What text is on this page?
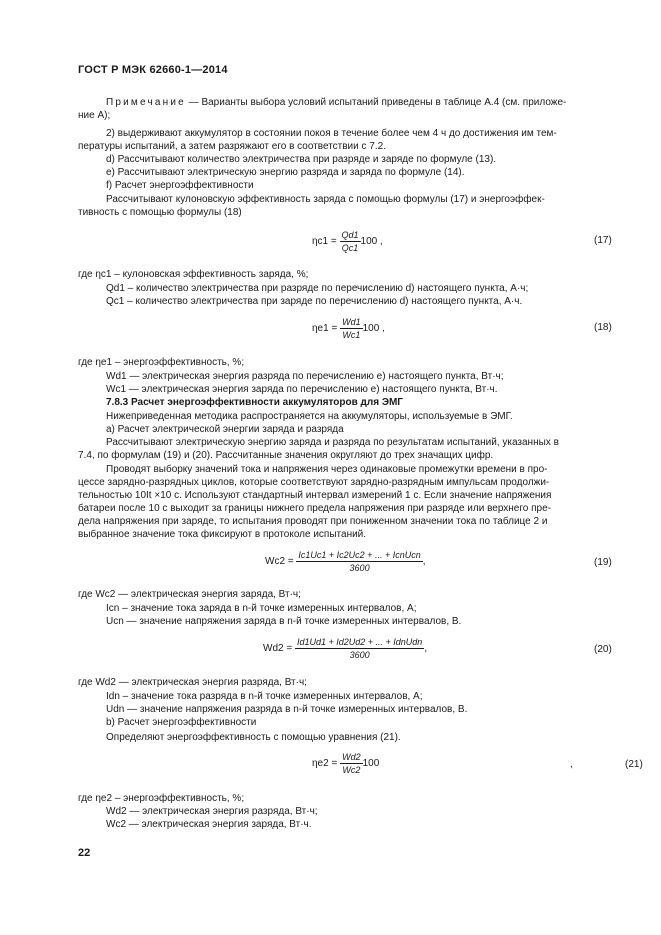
ГОСТ Р МЭК 62660-1—2014
Примечание — Варианты выбора условий испытаний приведены в таблице А.4 (см. приложе-
ние А);
2) выдерживают аккумулятор в состоянии покоя в течение более чем 4 ч до достижения им тем-
пературы испытаний, а затем разряжают его в соответствии с 7.2.
d) Рассчитывают количество электричества при разряде и заряде по формуле (13).
e) Рассчитывают электрическую энергию разряда и заряда по формуле (14).
f) Расчет энергоэффективности
Рассчитывают кулоновскую эффективность заряда с помощью формулы (17) и энергоэффек-
тивность с помощью формулы (18)
$\eta c1 = \frac{Qd1}{Qc1} 100$ ,	(17)
где ηc1 – кулоновская эффективность заряда, %;
Qd1 – количество электричества при разряде по перечислению d) настоящего пункта, А·ч;
Qc1 – количество электричества при заряде по перечислению d) настоящего пункта, А·ч.
$\eta e1 = \frac{Wd1}{Wc1} 100$ ,	(18)
где ηe1 – энергоэффективность, %;
Wd1 — электрическая энергия разряда по перечислению e) настоящего пункта, Вт·ч;
Wc1 — электрическая энергия заряда по перечислению e) настоящего пункта, Вт·ч.
7.8.3 Расчет энергоэффективности аккумуляторов для ЭМГ
Нижеприведенная методика распространяется на аккумуляторы, используемые в ЭМГ.
а) Расчет электрической энергии заряда и разряда
Рассчитывают электрическую энергию заряда и разряда по результатам испытаний, указанных в
7.4, по формулам (19) и (20). Рассчитанные значения округляют до трех значащих цифр.
Проводят выборку значений тока и напряжения через одинаковые промежутки времени в про-
цессе зарядно-разрядных циклов, которые соответствуют зарядно-разрядным импульсам продолжи-
тельностью 10It ×10 с. Используют стандартный интервал измерений 1 с. Если значение напряжения
батареи после 10 с выходит за границы нижнего предела напряжения при разряде или верхнего пре-
дела напряжения при заряде, то испытания проводят при пониженном значении тока по таблице 2 и
выбранное значение тока фиксируют в протоколе испытаний.
$Wc2 = \frac{\text{Ic1Uc1 + Ic2Uc2 + ... + IcnUcn}}{3600}$ ,	(19)
где Wc2 — электрическая энергия заряда, Вт·ч;
Icn – значение тока заряда в n-й точке измеренных интервалов, А;
Ucn — значение напряжения заряда в n-й точке измеренных интервалов, В.
$Wd2 = \frac{\text{Id1Ud1 + Id2Ud2 + ... + IdnUdn}}{3600}$ ,	(20)
где Wd2 — электрическая энергия разряда, Вт·ч;
Idn – значение тока разряда в n-й точке измеренных интервалов, А;
Udn — значение напряжения разряда в n-й точке измеренных интервалов, В.
b) Расчет энергоэффективности
Определяют энергоэффективность с помощью уравнения (21).
$\eta e2 = \frac{Wd2}{Wc2} 100$	,	(21)
где ηe2 – энергоэффективность, %;
Wd2 — электрическая энергия разряда, Вт·ч;
Wc2 — электрическая энергия заряда, Вт·ч.
22
